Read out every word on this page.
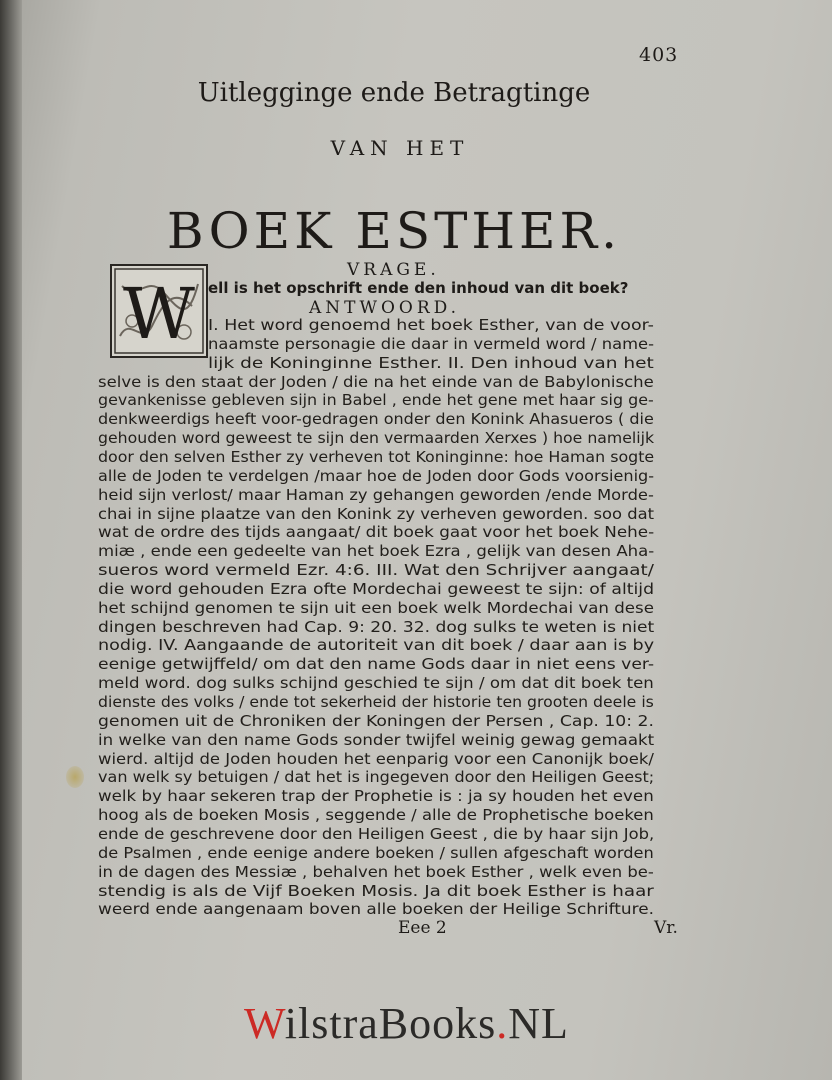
403
Uitlegginge ende Betragtinge
VAN HET
BOEK ESTHER.
W
VRAGE.
ell is het opschrift ende den inhoud van dit boek?
ANTWOORD.
I. Het word genoemd het boek Esther, van de voor-
naamste personagie die daar in vermeld word / name-
lijk de Koninginne Esther. II. Den inhoud van het
selve is den staat der Joden / die na het einde van de Babylonische
gevankenisse gebleven sijn in Babel , ende het gene met haar sig ge-
denkweerdigs heeft voor-gedragen onder den Konink Ahasueros ( die
gehouden word geweest te sijn den vermaarden Xerxes ) hoe namelijk
door den selven Esther zy verheven tot Koninginne: hoe Haman sogte
alle de Joden te verdelgen /maar hoe de Joden door Gods voorsienig-
heid sijn verlost/ maar Haman zy gehangen geworden /ende Morde-
chai in sijne plaatze van den Konink zy verheven geworden. soo dat
wat de ordre des tijds aangaat/ dit boek gaat voor het boek Nehe-
miæ , ende een gedeelte van het boek Ezra , gelijk van desen Aha-
sueros word vermeld Ezr. 4:6. III. Wat den Schrijver aangaat/
die word gehouden Ezra ofte Mordechai geweest te sijn: of altijd
het schijnd genomen te sijn uit een boek welk Mordechai van dese
dingen beschreven had Cap. 9: 20. 32. dog sulks te weten is niet
nodig. IV. Aangaande de autoriteit van dit boek / daar aan is by
eenige getwijffeld/ om dat den name Gods daar in niet eens ver-
meld word. dog sulks schijnd geschied te sijn / om dat dit boek ten
dienste des volks / ende tot sekerheid der historie ten grooten deele is
genomen uit de Chroniken der Koningen der Persen , Cap. 10: 2.
in welke van den name Gods sonder twijfel weinig gewag gemaakt
wierd. altijd de Joden houden het eenparig voor een Canonijk boek/
van welk sy betuigen / dat het is ingegeven door den Heiligen Geest;
welk by haar sekeren trap der Prophetie is : ja sy houden het even
hoog als de boeken Mosis , seggende / alle de Prophetische boeken
ende de geschrevene door den Heiligen Geest , die by haar sijn Job,
de Psalmen , ende eenige andere boeken / sullen afgeschaft worden
in de dagen des Messiæ , behalven het boek Esther , welk even be-
stendig is als de Vijf Boeken Mosis. Ja dit boek Esther is haar
weerd ende aangenaam boven alle boeken der Heilige Schrifture.
Eee 2	Vr.
WilstraBooks.NL
